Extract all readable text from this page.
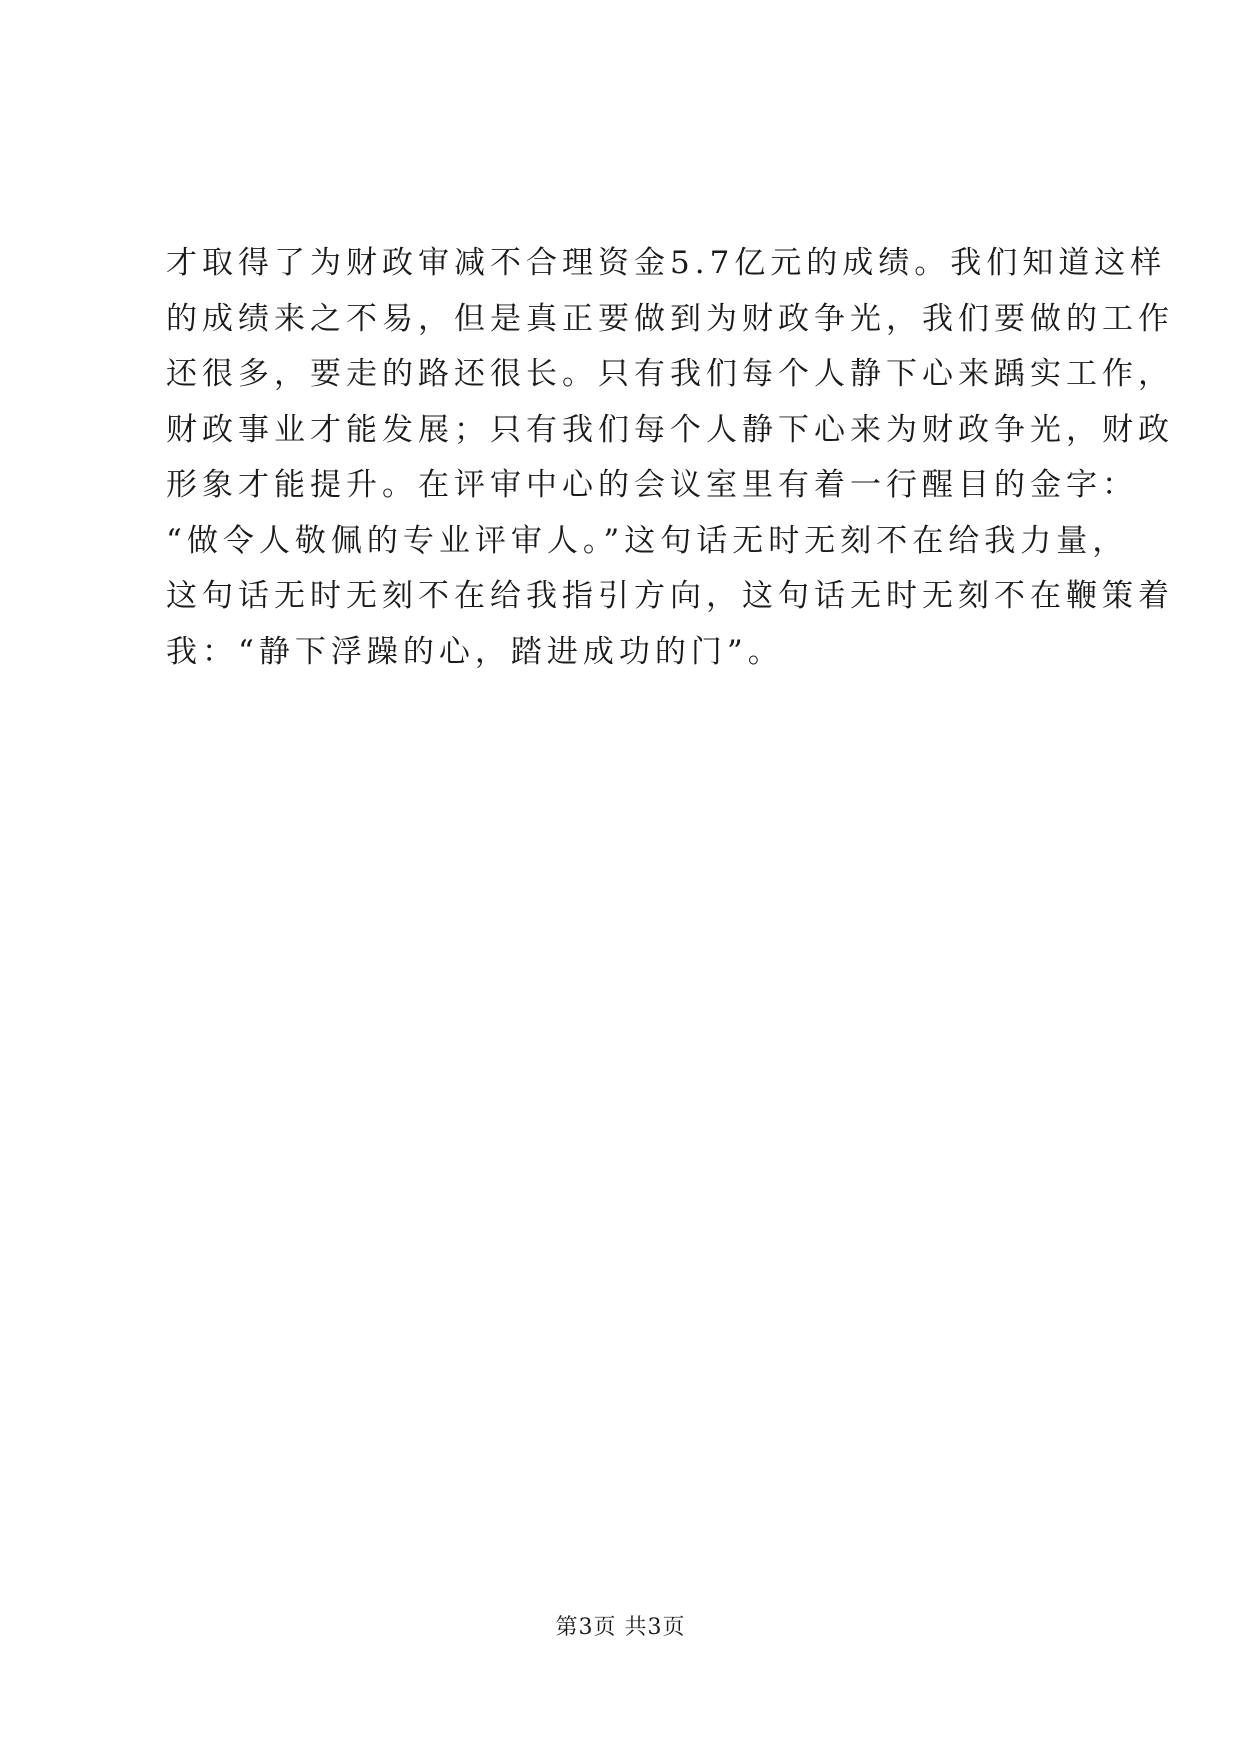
才取得了为财政审减不合理资金5.7亿元的成绩。我们知道这样
的成绩来之不易，但是真正要做到为财政争光，我们要做的工作
还很多，要走的路还很长。只有我们每个人静下心来踽实工作，
财政事业才能发展；只有我们每个人静下心来为财政争光，财政
形象才能提升。在评审中心的会议室里有着一行醒目的金字：
“做令人敬佩的专业评审人。”这句话无时无刻不在给我力量，
这句话无时无刻不在给我指引方向，这句话无时无刻不在鞭策着
我：“静下浮躁的心，踏进成功的门”。
第3页 共3页
